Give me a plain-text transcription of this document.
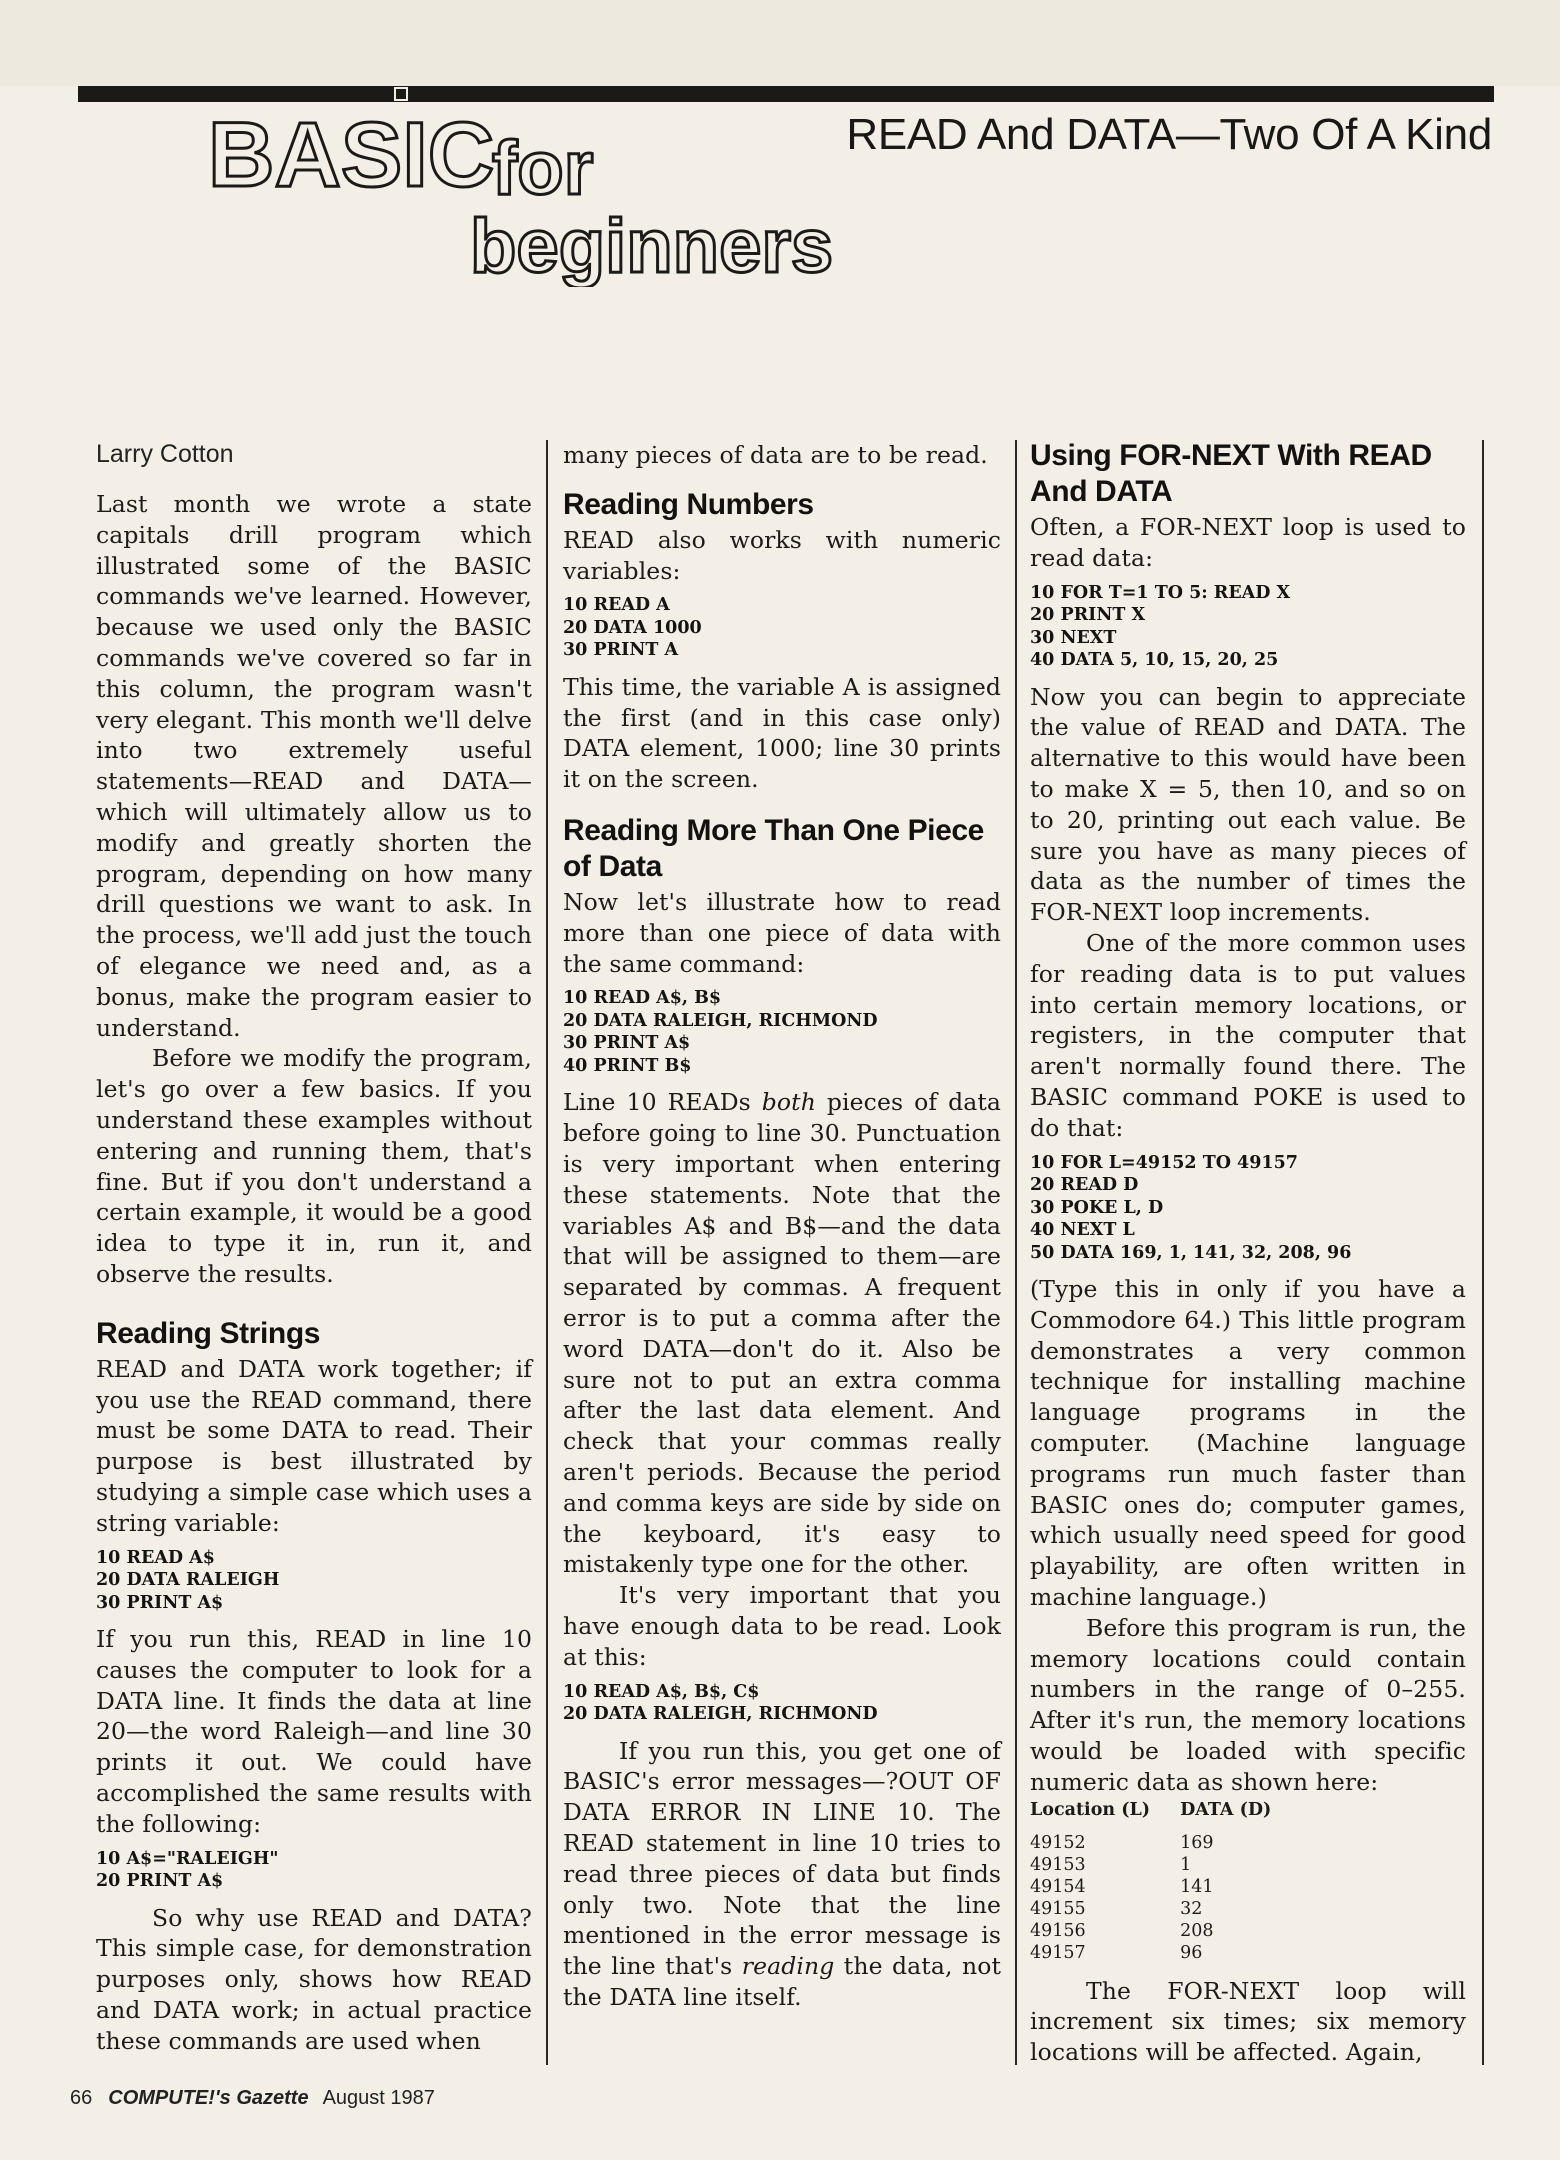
BASIC
for
beginners
READ And DATA—Two Of A Kind
Larry Cotton

Last month we wrote a state capitals drill program which illustrated some of the BASIC commands we've learned. However, because we used only the BASIC commands we've covered so far in this column, the program wasn't very elegant. This month we'll delve into two extremely useful statements—READ and DATA—which will ultimately allow us to modify and greatly shorten the program, depending on how many drill questions we want to ask. In the process, we'll add just the touch of elegance we need and, as a bonus, make the program easier to understand.

Before we modify the program, let's go over a few basics. If you understand these examples without entering and running them, that's fine. But if you don't understand a certain example, it would be a good idea to type it in, run it, and observe the results.

Reading Strings

READ and DATA work together; if you use the READ command, there must be some DATA to read. Their purpose is best illustrated by studying a simple case which uses a string variable:

10 READ A$
20 DATA RALEIGH
30 PRINT A$

If you run this, READ in line 10 causes the computer to look for a DATA line. It finds the data at line 20—the word Raleigh—and line 30 prints it out. We could have accomplished the same results with the following:

10 A$="RALEIGH"
20 PRINT A$

So why use READ and DATA? This simple case, for demonstration purposes only, shows how READ and DATA work; in actual practice these commands are used when

many pieces of data are to be read.

Reading Numbers

READ also works with numeric variables:

10 READ A
20 DATA 1000
30 PRINT A

This time, the variable A is assigned the first (and in this case only) DATA element, 1000; line 30 prints it on the screen.

Reading More Than One Piece of Data

Now let's illustrate how to read more than one piece of data with the same command:

10 READ A$, B$
20 DATA RALEIGH, RICHMOND
30 PRINT A$
40 PRINT B$

Line 10 READs both pieces of data before going to line 30. Punctuation is very important when entering these statements. Note that the variables A$ and B$—and the data that will be assigned to them—are separated by commas. A frequent error is to put a comma after the word DATA—don't do it. Also be sure not to put an extra comma after the last data element. And check that your commas really aren't periods. Because the period and comma keys are side by side on the keyboard, it's easy to mistakenly type one for the other.

It's very important that you have enough data to be read. Look at this:

10 READ A$, B$, C$
20 DATA RALEIGH, RICHMOND

If you run this, you get one of BASIC's error messages—?OUT OF DATA ERROR IN LINE 10. The READ statement in line 10 tries to read three pieces of data but finds only two. Note that the line mentioned in the error message is the line that's reading the data, not the DATA line itself.

Using FOR-NEXT With READ And DATA

Often, a FOR-NEXT loop is used to read data:

10 FOR T=1 TO 5: READ X
20 PRINT X
30 NEXT
40 DATA 5, 10, 15, 20, 25

Now you can begin to appreciate the value of READ and DATA. The alternative to this would have been to make X = 5, then 10, and so on to 20, printing out each value. Be sure you have as many pieces of data as the number of times the FOR-NEXT loop increments.

One of the more common uses for reading data is to put values into certain memory locations, or registers, in the computer that aren't normally found there. The BASIC command POKE is used to do that:

10 FOR L=49152 TO 49157
20 READ D
30 POKE L, D
40 NEXT L
50 DATA 169, 1, 141, 32, 208, 96

(Type this in only if you have a Commodore 64.) This little program demonstrates a very common technique for installing machine language programs in the computer. (Machine language programs run much faster than BASIC ones do; computer games, which usually need speed for good playability, are often written in machine language.)

Before this program is run, the memory locations could contain numbers in the range of 0–255. After it's run, the memory locations would be loaded with specific numeric data as shown here:

Location (L)	DATA (D)
49152	169
49153	1
49154	141
49155	32
49156	208
49157	96

The FOR-NEXT loop will increment six times; six memory locations will be affected. Again,

66 COMPUTE!'s Gazette August 1987
